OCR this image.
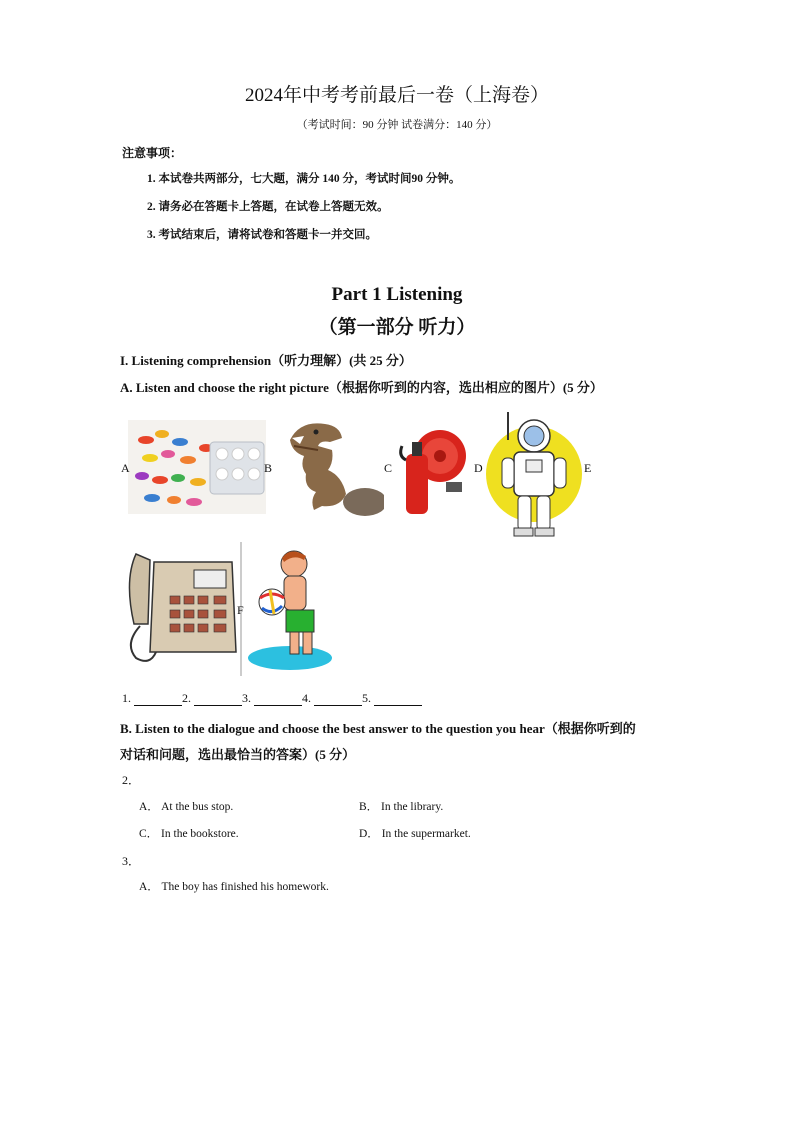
2024年中考考前最后一卷（上海卷）
（考试时间：90 分钟 试卷满分：140 分）
注意事项：
1. 本试卷共两部分，七大题，满分 140 分，考试时间90 分钟。
2. 请务必在答题卡上答题，在试卷上答题无效。
3. 考试结束后，请将试卷和答题卡一并交回。
Part 1 Listening
（第一部分 听力）
I. Listening comprehension（听力理解）(共 25 分）
A. Listen and choose the right picture（根据你听到的内容，选出相应的图片）(5 分）
A	B	C	D	E
F
1.	2.	3.	4.	5.
B. Listen to the dialogue and choose the best answer to the question you hear（根据你听到的
对话和问题，选出最恰当的答案）(5 分）
2．
A． At the bus stop.	B． In the library.
C． In the bookstore.	D． In the supermarket.
3．
A． The boy has finished his homework.
